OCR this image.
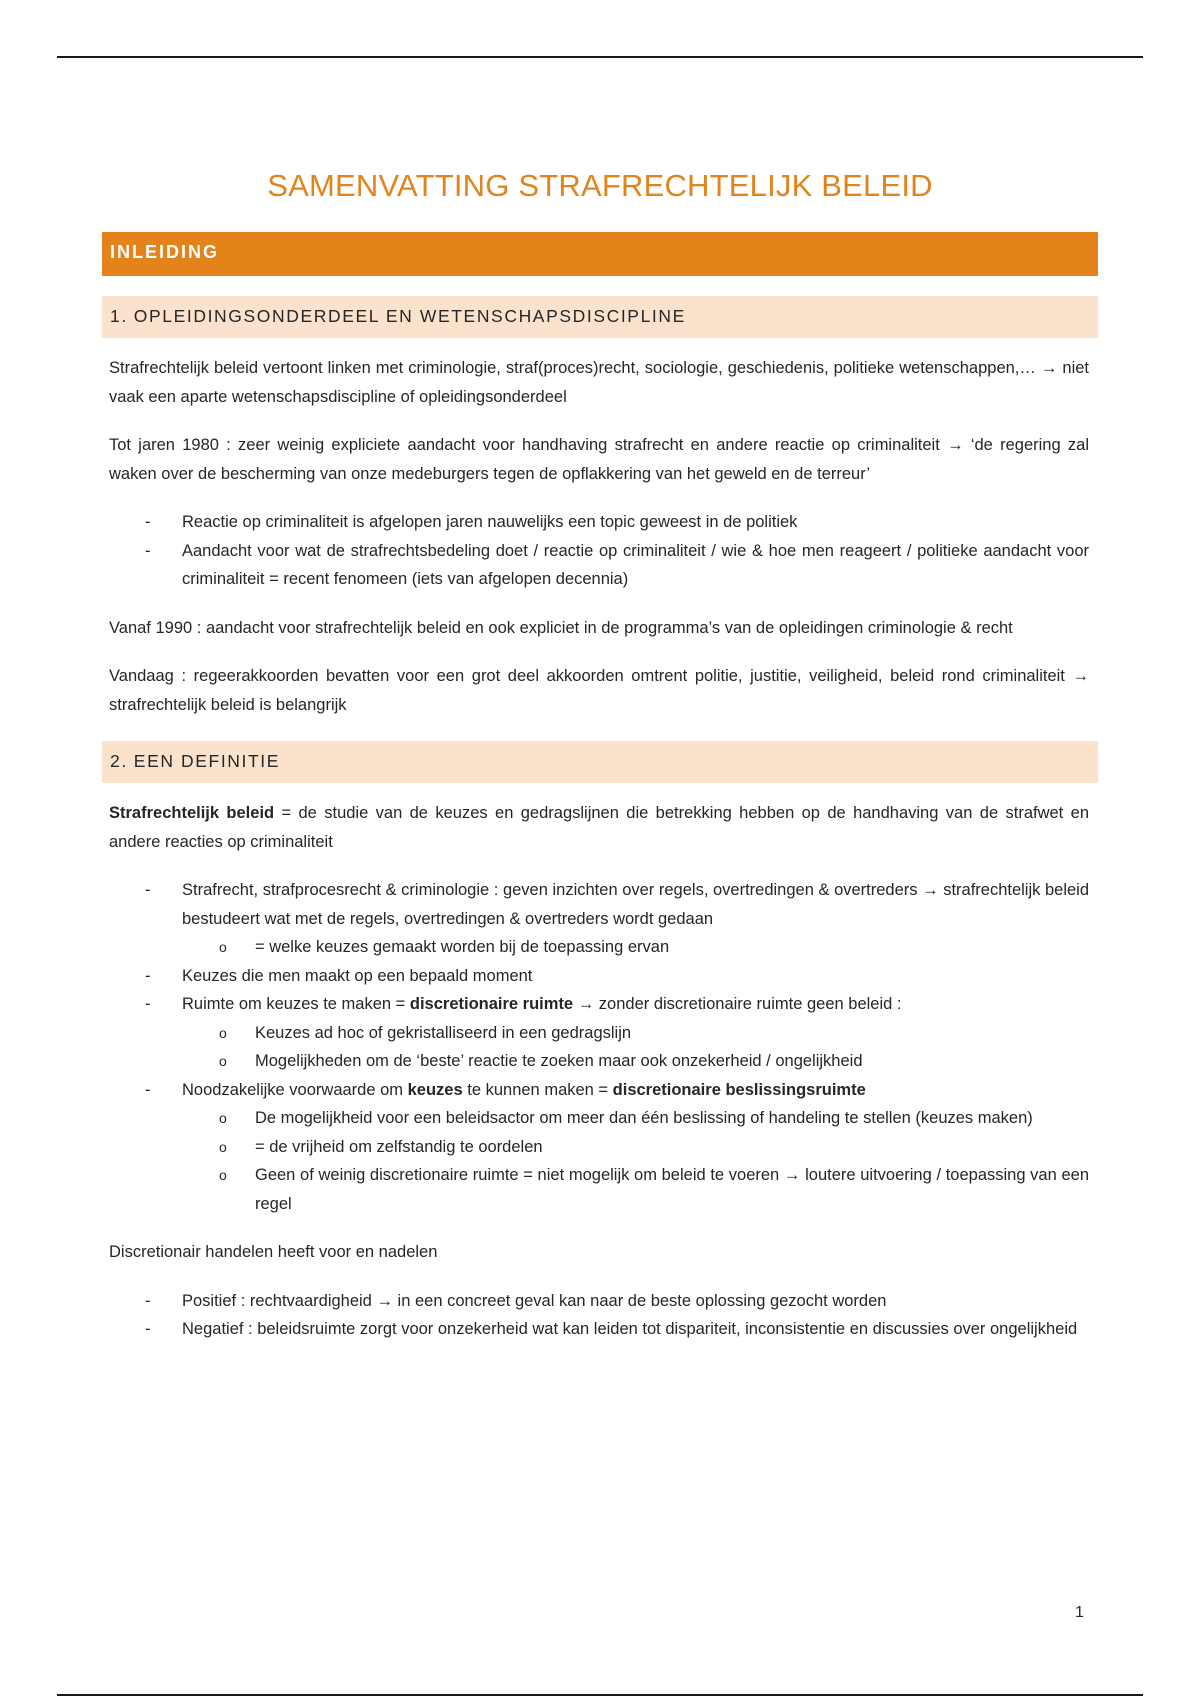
SAMENVATTING STRAFRECHTELIJK BELEID
INLEIDING
1. OPLEIDINGSONDERDEEL EN WETENSCHAPSDISCIPLINE
Strafrechtelijk beleid vertoont linken met criminologie, straf(proces)recht, sociologie, geschiedenis, politieke wetenschappen,… → niet vaak een aparte wetenschapsdiscipline of opleidingsonderdeel
Tot jaren 1980 : zeer weinig expliciete aandacht voor handhaving strafrecht en andere reactie op criminaliteit → ‘de regering zal waken over de bescherming van onze medeburgers tegen de opflakkering van het geweld en de terreur’
- Reactie op criminaliteit is afgelopen jaren nauwelijks een topic geweest in de politiek
- Aandacht voor wat de strafrechtsbedeling doet / reactie op criminaliteit / wie & hoe men reageert / politieke aandacht voor criminaliteit = recent fenomeen (iets van afgelopen decennia)
Vanaf 1990 : aandacht voor strafrechtelijk beleid en ook expliciet in de programma’s van de opleidingen criminologie & recht
Vandaag : regeerakkoorden bevatten voor een grot deel akkoorden omtrent politie, justitie, veiligheid, beleid rond criminaliteit → strafrechtelijk beleid is belangrijk
2. EEN DEFINITIE
Strafrechtelijk beleid = de studie van de keuzes en gedragslijnen die betrekking hebben op de handhaving van de strafwet en andere reacties op criminaliteit
- Strafrecht, strafprocesrecht & criminologie : geven inzichten over regels, overtredingen & overtreders → strafrechtelijk beleid bestudeert wat met de regels, overtredingen & overtreders wordt gedaan
o = welke keuzes gemaakt worden bij de toepassing ervan
- Keuzes die men maakt op een bepaald moment
- Ruimte om keuzes te maken = discretionaire ruimte → zonder discretionaire ruimte geen beleid :
o Keuzes ad hoc of gekristalliseerd in een gedragslijn
o Mogelijkheden om de ‘beste’ reactie te zoeken maar ook onzekerheid / ongelijkheid
- Noodzakelijke voorwaarde om keuzes te kunnen maken = discretionaire beslissingsruimte
o De mogelijkheid voor een beleidsactor om meer dan één beslissing of handeling te stellen (keuzes maken)
o = de vrijheid om zelfstandig te oordelen
o Geen of weinig discretionaire ruimte = niet mogelijk om beleid te voeren → loutere uitvoering / toepassing van een regel
Discretionair handelen heeft voor en nadelen
- Positief : rechtvaardigheid → in een concreet geval kan naar de beste oplossing gezocht worden
- Negatief : beleidsruimte zorgt voor onzekerheid wat kan leiden tot dispariteit, inconsistentie en discussies over ongelijkheid
1
